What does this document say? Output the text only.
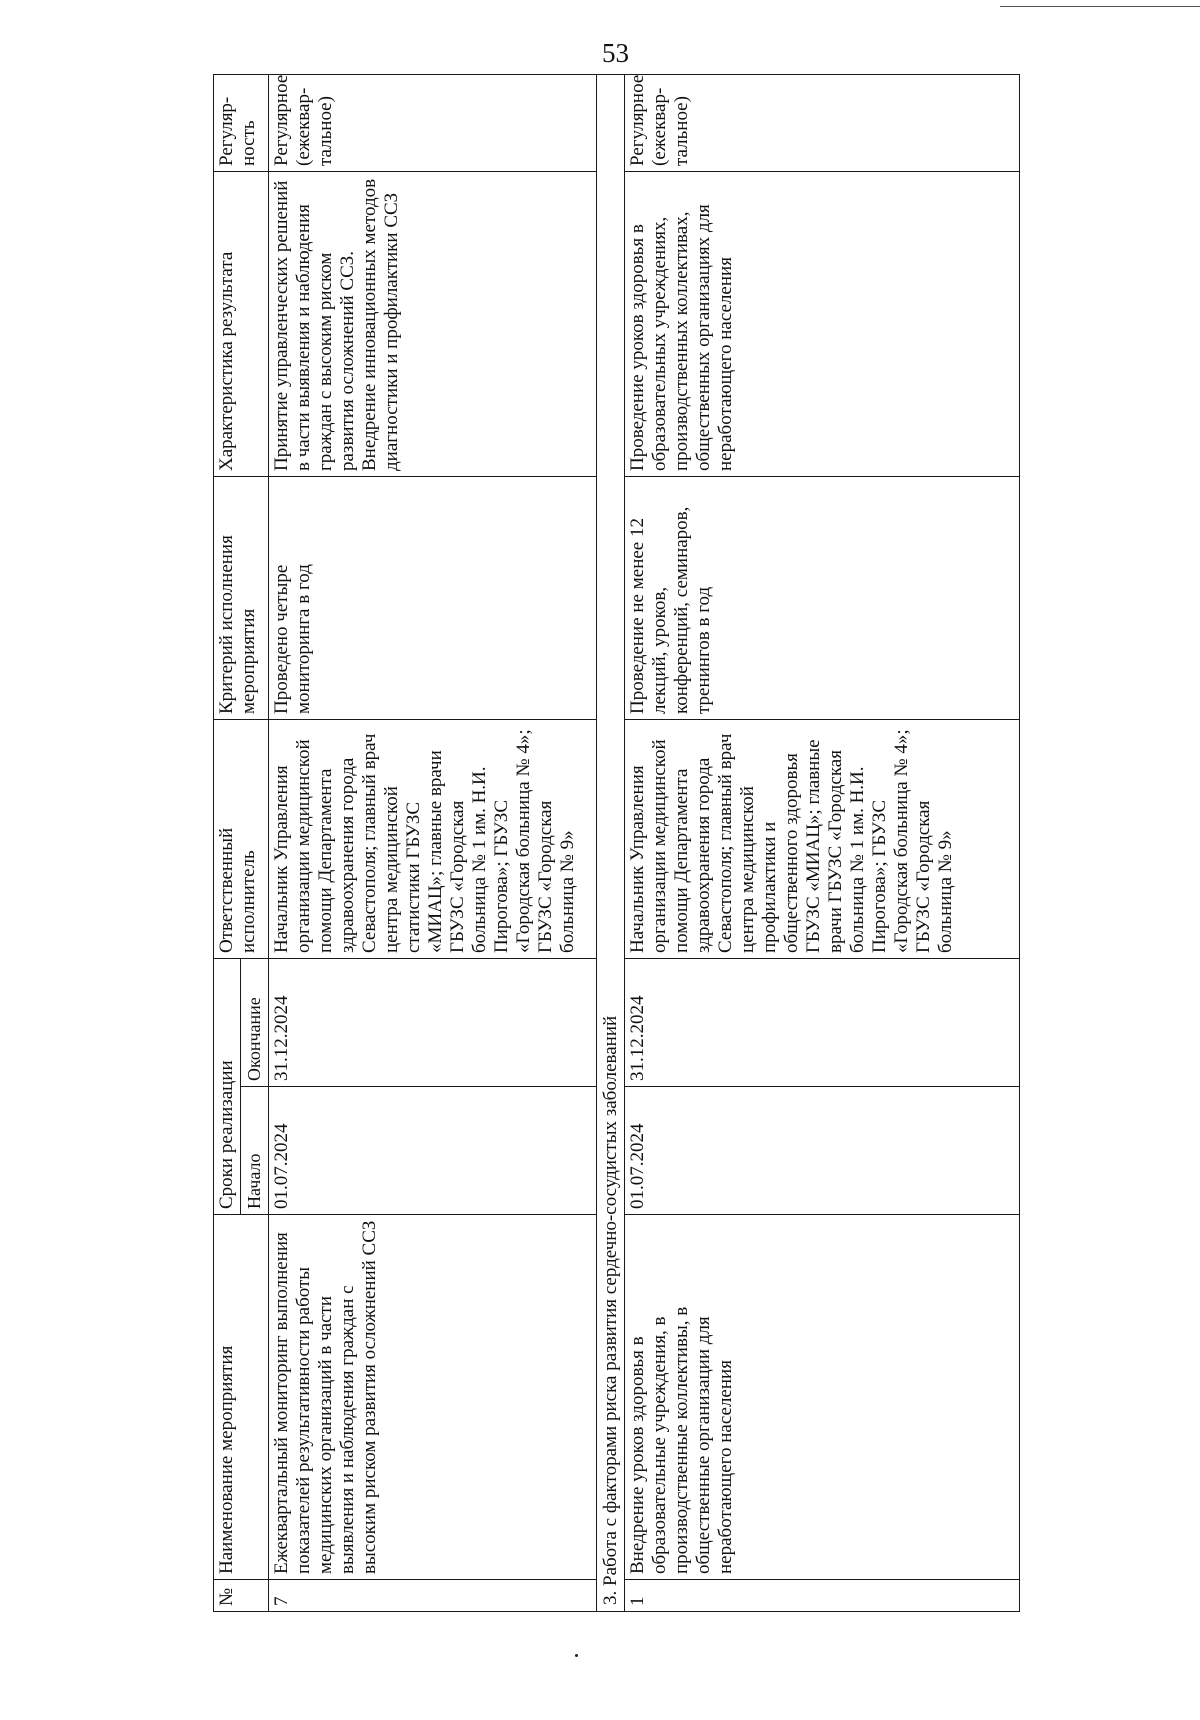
53
№	Наименование мероприятия	Сроки реализации		Ответственный исполнитель	Критерий исполнения мероприятия	Характеристика результата	Регуляр-ность
		Начало	Окончание				
7	Ежеквартальный мониторинг выполнения показателей результативности работы медицинских организаций в части выявления и наблюдения граждан с высоким риском развития осложнений ССЗ	01.07.2024	31.12.2024	Начальник Управления организации медицинской помощи Департамента здравоохранения города Севастополя; главный врач центра медицинской статистики ГБУЗС «МИАЦ»; главные врачи ГБУЗС «Городская больница № 1 им. Н.И. Пирогова»; ГБУЗС «Городская больница № 4»; ГБУЗС «Городская больница № 9»	Проведено четыре мониторинга в год	Принятие управленческих решений в части выявления и наблюдения граждан с высоким риском развития осложнений ССЗ. Внедрение инновационных методов диагностики и профилактики ССЗ	Регулярное (ежеквар-тальное)
3. Работа с факторами риска развития сердечно-сосудистых заболеваний							
1	Внедрение уроков здоровья в образовательные учреждения, в производственные коллективы, в общественные организации для неработающего населения	01.07.2024	31.12.2024	Начальник Управления организации медицинской помощи Департамента здравоохранения города Севастополя; главный врач центра медицинской профилактики и общественного здоровья ГБУЗС «МИАЦ»; главные врачи ГБУЗС «Городская больница № 1 им. Н.И. Пирогова»; ГБУЗС «Городская больница № 4»; ГБУЗС «Городская больница № 9»	Проведение не менее 12 лекций, уроков, конференций, семинаров, тренингов в год	Проведение уроков здоровья в образовательных учреждениях, производственных коллективах, общественных организациях для неработающего населения	Регулярное (ежеквар-тальное)
